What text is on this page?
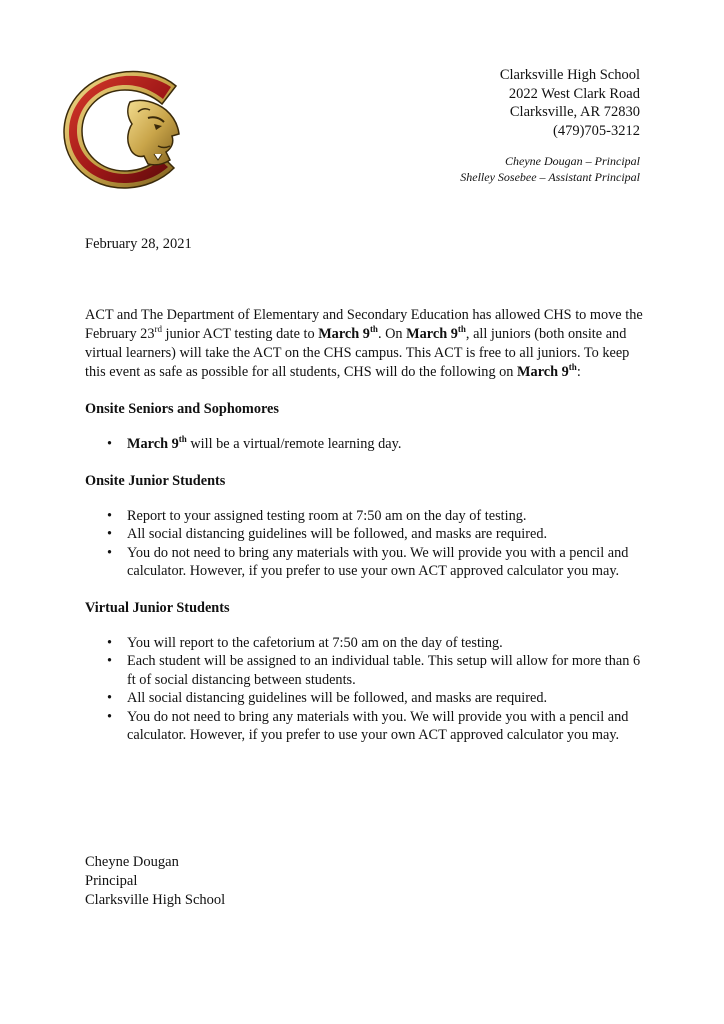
Clarksville High School
2022 West Clark Road
Clarksville, AR 72830
(479)705-3212
Cheyne Dougan – Principal
Shelley Sosebee – Assistant Principal
February 28, 2021

ACT and The Department of Elementary and Secondary Education has allowed CHS to move the February 23rd junior ACT testing date to March 9th. On March 9th, all juniors (both onsite and virtual learners) will take the ACT on the CHS campus. This ACT is free to all juniors. To keep this event as safe as possible for all students, CHS will do the following on March 9th:

Onsite Seniors and Sophomores
• March 9th will be a virtual/remote learning day.
Onsite Junior Students
• Report to your assigned testing room at 7:50 am on the day of testing.
• All social distancing guidelines will be followed, and masks are required.
• You do not need to bring any materials with you. We will provide you with a pencil and calculator. However, if you prefer to use your own ACT approved calculator you may.
Virtual Junior Students
• You will report to the cafetorium at 7:50 am on the day of testing.
• Each student will be assigned to an individual table. This setup will allow for more than 6 ft of social distancing between students.
• All social distancing guidelines will be followed, and masks are required.
• You do not need to bring any materials with you. We will provide you with a pencil and calculator. However, if you prefer to use your own ACT approved calculator you may.
Cheyne Dougan
Principal
Clarksville High School
